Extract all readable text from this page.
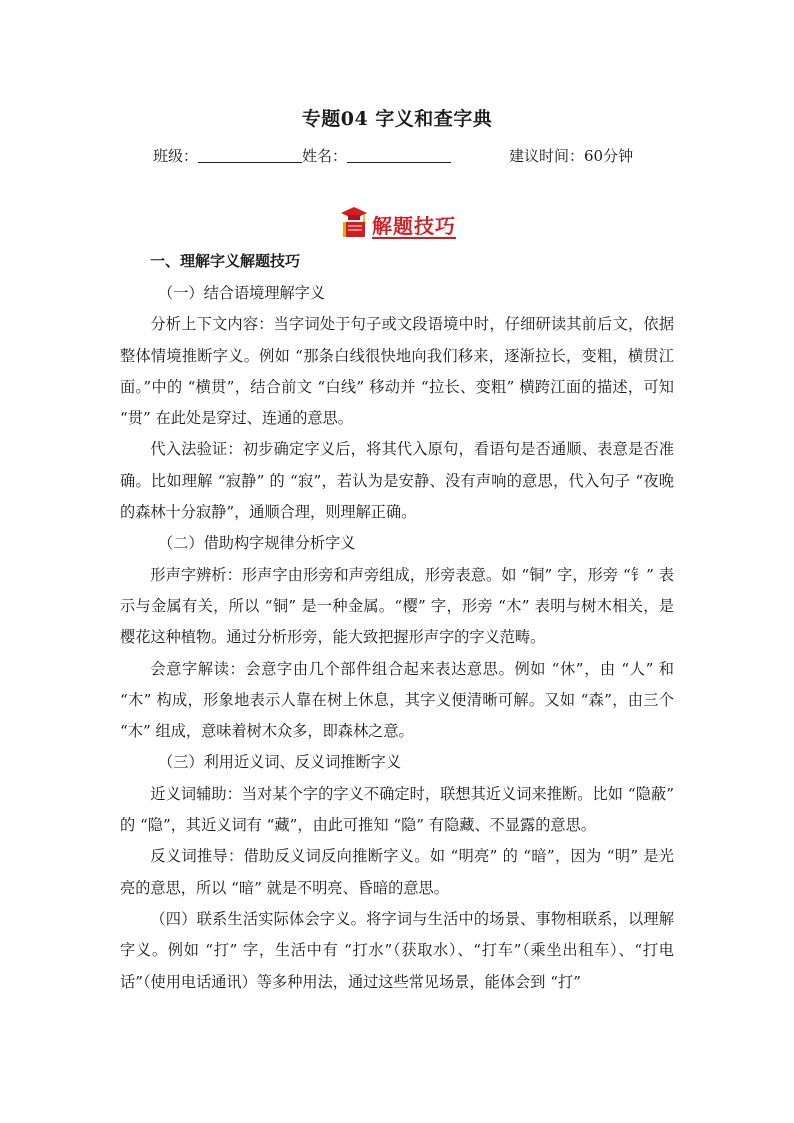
专题04 字义和查字典
班级：	姓名：	建议时间：60分钟
解题技巧
一、理解字义解题技巧

（一）结合语境理解字义

分析上下文内容：当字词处于句子或文段语境中时，仔细研读其前后文，依据整体情境推断字义。例如 “那条白线很快地向我们移来，逐渐拉长，变粗，横贯江面。”中的 “横贯”，结合前文 “白线” 移动并 “拉长、变粗” 横跨江面的描述，可知 “贯” 在此处是穿过、连通的意思。

代入法验证：初步确定字义后，将其代入原句，看语句是否通顺、表意是否准确。比如理解 “寂静” 的 “寂”，若认为是安静、没有声响的意思，代入句子 “夜晚的森林十分寂静”，通顺合理，则理解正确。

（二）借助构字规律分析字义

形声字辨析：形声字由形旁和声旁组成，形旁表意。如 “铜” 字，形旁 “钅” 表示与金属有关，所以 “铜” 是一种金属。“樱” 字，形旁 “木” 表明与树木相关，是樱花这种植物。通过分析形旁，能大致把握形声字的字义范畴。

会意字解读：会意字由几个部件组合起来表达意思。例如 “休”，由 “人” 和 “木” 构成，形象地表示人靠在树上休息，其字义便清晰可解。又如 “森”，由三个 “木” 组成，意味着树木众多，即森林之意。

（三）利用近义词、反义词推断字义

近义词辅助：当对某个字的字义不确定时，联想其近义词来推断。比如 “隐蔽” 的 “隐”，其近义词有 “藏”，由此可推知 “隐” 有隐藏、不显露的意思。

反义词推导：借助反义词反向推断字义。如 “明亮” 的 “暗”，因为 “明” 是光亮的意思，所以 “暗” 就是不明亮、昏暗的意思。

（四）联系生活实际体会字义。将字词与生活中的场景、事物相联系，以理解字义。例如 “打” 字，生活中有 “打水”（获取水）、“打车”（乘坐出租车）、“打电话”（使用电话通讯）等多种用法，通过这些常见场景，能体会到 “打”
